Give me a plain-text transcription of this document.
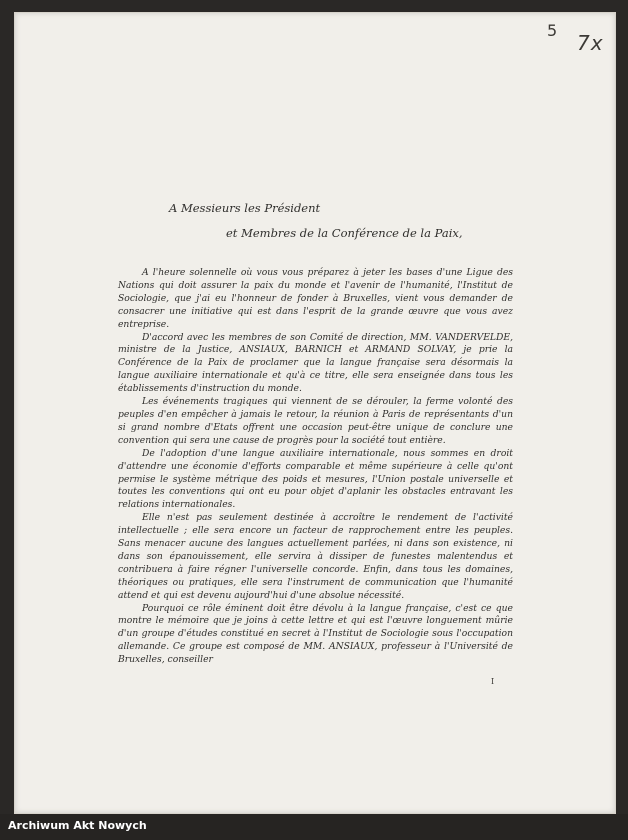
5
7x
A Messieurs les Président
et Membres de la Conférence de la Paix,

A l'heure solennelle où vous vous préparez à jeter les bases d'une Ligue des Nations qui doit assurer la paix du monde et l'avenir de l'humanité, l'Institut de Sociologie, que j'ai eu l'honneur de fonder à Bruxelles, vient vous demander de consacrer une initiative qui est dans l'esprit de la grande œuvre que vous avez entreprise.

D'accord avec les membres de son Comité de direction, MM. VANDERVELDE, ministre de la Justice, ANSIAUX, BARNICH et ARMAND SOLVAY, je prie la Conférence de la Paix de proclamer que la langue française sera désormais la langue auxiliaire internationale et qu'à ce titre, elle sera enseignée dans tous les établissements d'instruction du monde.

Les événements tragiques qui viennent de se dérouler, la ferme volonté des peuples d'en empêcher à jamais le retour, la réunion à Paris de représentants d'un si grand nombre d'Etats offrent une occasion peut-être unique de conclure une convention qui sera une cause de progrès pour la société tout entière.

De l'adoption d'une langue auxiliaire internationale, nous sommes en droit d'attendre une économie d'efforts comparable et même supérieure à celle qu'ont permise le système métrique des poids et mesures, l'Union postale universelle et toutes les conventions qui ont eu pour objet d'aplanir les obstacles entravant les relations internationales.

Elle n'est pas seulement destinée à accroître le rendement de l'activité intellectuelle ; elle sera encore un facteur de rapprochement entre les peuples. Sans menacer aucune des langues actuellement parlées, ni dans son existence, ni dans son épanouissement, elle servira à dissiper de funestes malentendus et contribuera à faire régner l'universelle concorde. Enfin, dans tous les domaines, théoriques ou pratiques, elle sera l'instrument de communication que l'humanité attend et qui est devenu aujourd'hui d'une absolue nécessité.

Pourquoi ce rôle éminent doit être dévolu à la langue française, c'est ce que montre le mémoire que je joins à cette lettre et qui est l'œuvre longuement mûrie d'un groupe d'études constitué en secret à l'Institut de Sociologie sous l'occupation allemande. Ce groupe est composé de MM. ANSIAUX, professeur à l'Université de Bruxelles, conseiller

I
Archiwum Akt Nowych
